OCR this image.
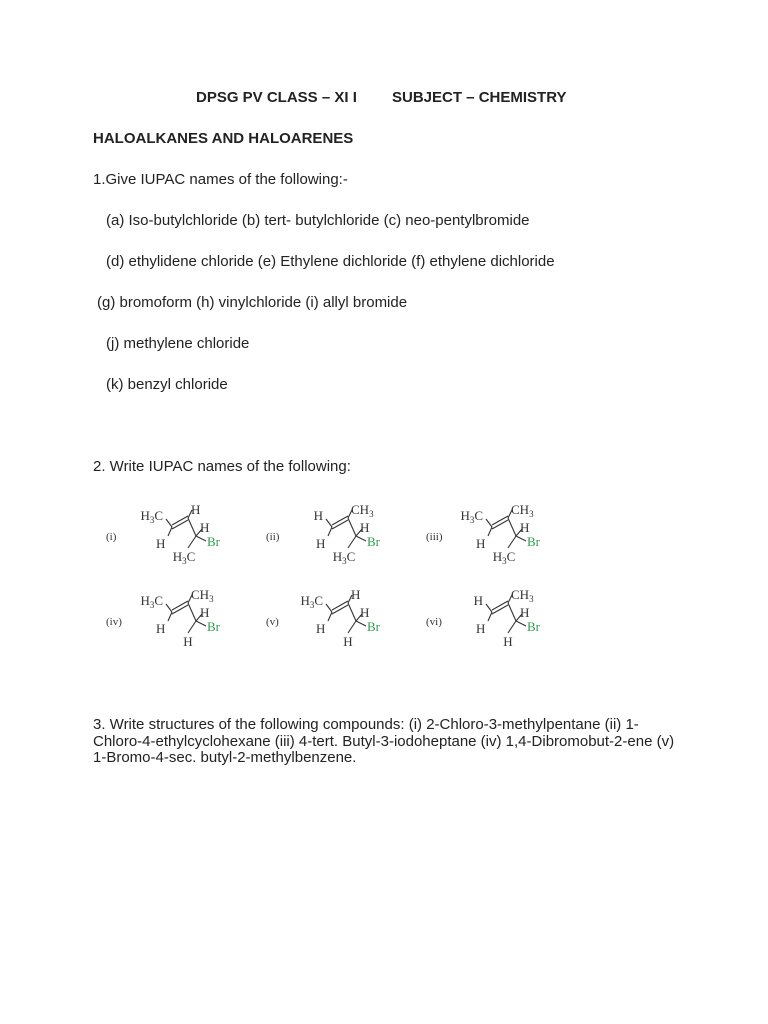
DPSG PV CLASS – XI I SUBJECT – CHEMISTRY
HALOALKANES AND HALOARENES
1.Give IUPAC names of the following:-
(a) Iso-butylchloride (b) tert- butylchloride (c) neo-pentylbromide
(d) ethylidene chloride (e) Ethylene dichloride (f) ethylene dichloride
(g) bromoform (h) vinylchloride (i) allyl bromide
(j) methylene chloride
(k) benzyl chloride
2. Write IUPAC names of the following:
(i)
$H_3C$ H
H
H
Br
$H_3C$
(ii)
H $CH_3$
H
H
Br
$H_3C$
(iii)
$H_3C$ $CH_3$
H
H
Br
$H_3C$
(iv)
$H_3C$ $CH_3$
H
H
Br
H
(v)
$H_3C$ H
H
H
Br
H
(vi)
H $CH_3$
H
H
Br
H
3. Write structures of the following compounds: (i) 2-Chloro-3-methylpentane (ii) 1-Chloro-4-ethylcyclohexane (iii) 4-tert. Butyl-3-iodoheptane (iv) 1,4-Dibromobut-2-ene (v) 1-Bromo-4-sec. butyl-2-methylbenzene.
